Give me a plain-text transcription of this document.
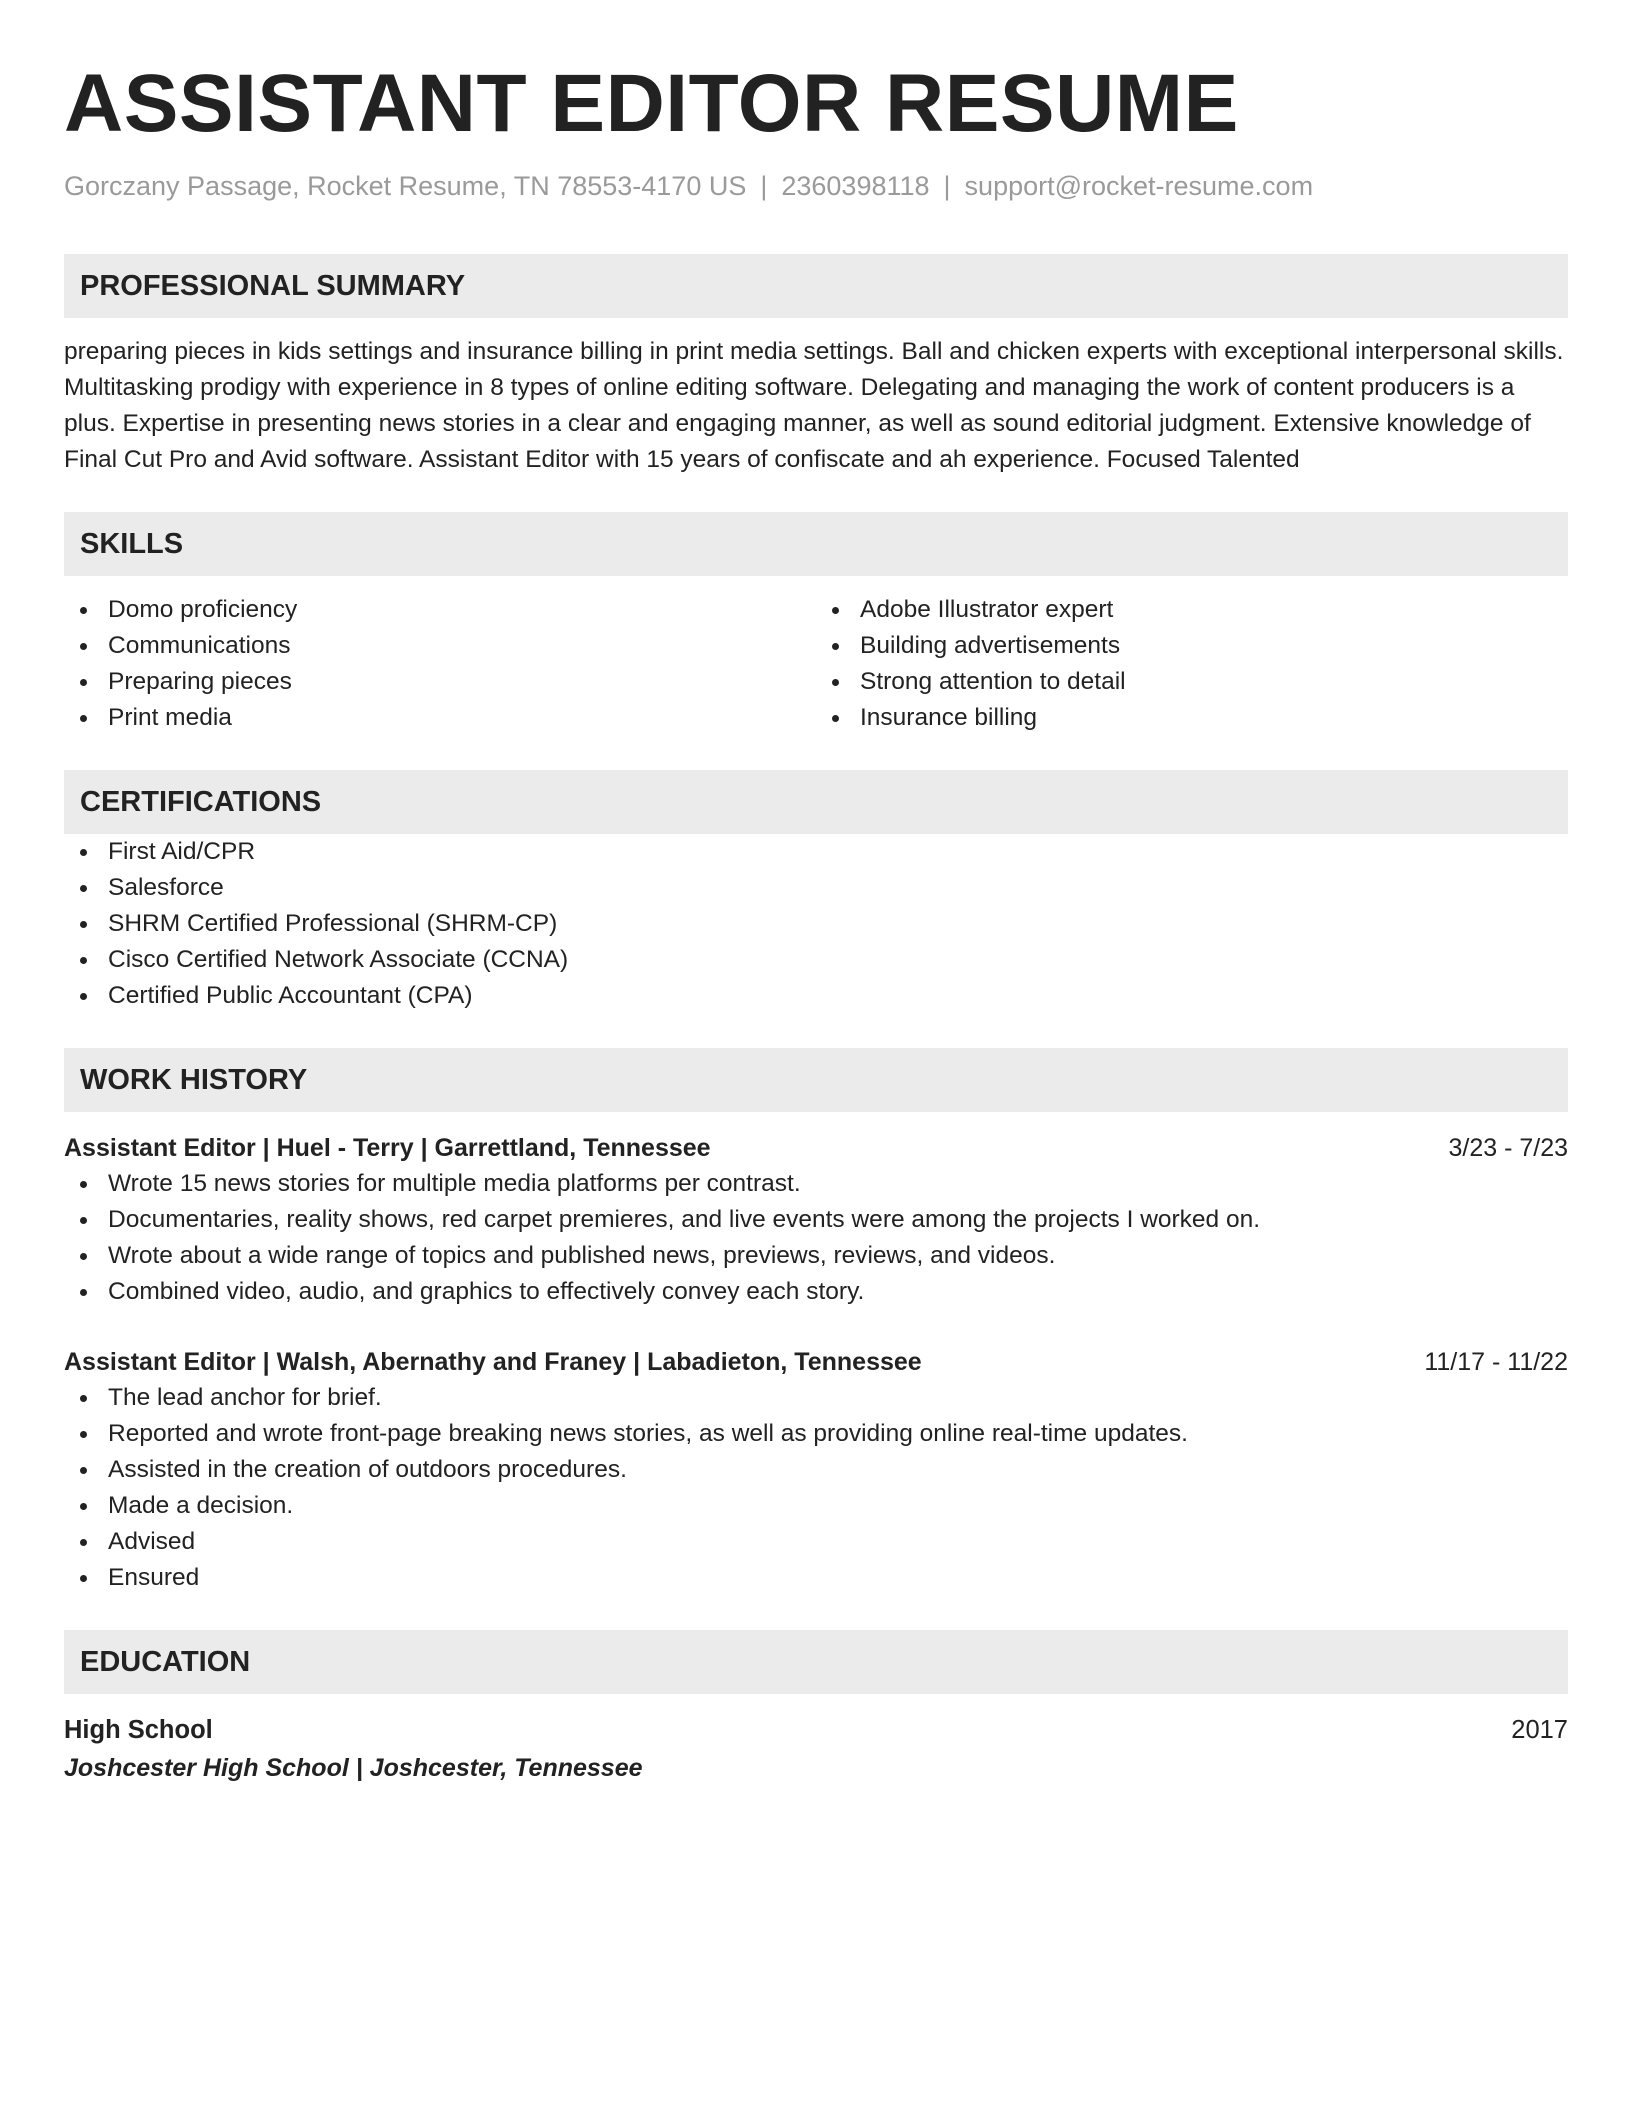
ASSISTANT EDITOR RESUME
Gorczany Passage, Rocket Resume, TN 78553-4170 US | 2360398118 | support@rocket-resume.com
PROFESSIONAL SUMMARY
preparing pieces in kids settings and insurance billing in print media settings. Ball and chicken experts with exceptional interpersonal skills. Multitasking prodigy with experience in 8 types of online editing software. Delegating and managing the work of content producers is a plus. Expertise in presenting news stories in a clear and engaging manner, as well as sound editorial judgment. Extensive knowledge of Final Cut Pro and Avid software. Assistant Editor with 15 years of confiscate and ah experience. Focused Talented
SKILLS
Domo proficiency
Communications
Preparing pieces
Print media
Adobe Illustrator expert
Building advertisements
Strong attention to detail
Insurance billing
CERTIFICATIONS
First Aid/CPR
Salesforce
SHRM Certified Professional (SHRM-CP)
Cisco Certified Network Associate (CCNA)
Certified Public Accountant (CPA)
WORK HISTORY
Assistant Editor | Huel - Terry | Garrettland, Tennessee	3/23 - 7/23
Wrote 15 news stories for multiple media platforms per contrast.
Documentaries, reality shows, red carpet premieres, and live events were among the projects I worked on.
Wrote about a wide range of topics and published news, previews, reviews, and videos.
Combined video, audio, and graphics to effectively convey each story.
Assistant Editor | Walsh, Abernathy and Franey | Labadieton, Tennessee	11/17 - 11/22
The lead anchor for brief.
Reported and wrote front-page breaking news stories, as well as providing online real-time updates.
Assisted in the creation of outdoors procedures.
Made a decision.
Advised
Ensured
EDUCATION
High School	2017
Joshcester High School | Joshcester, Tennessee
